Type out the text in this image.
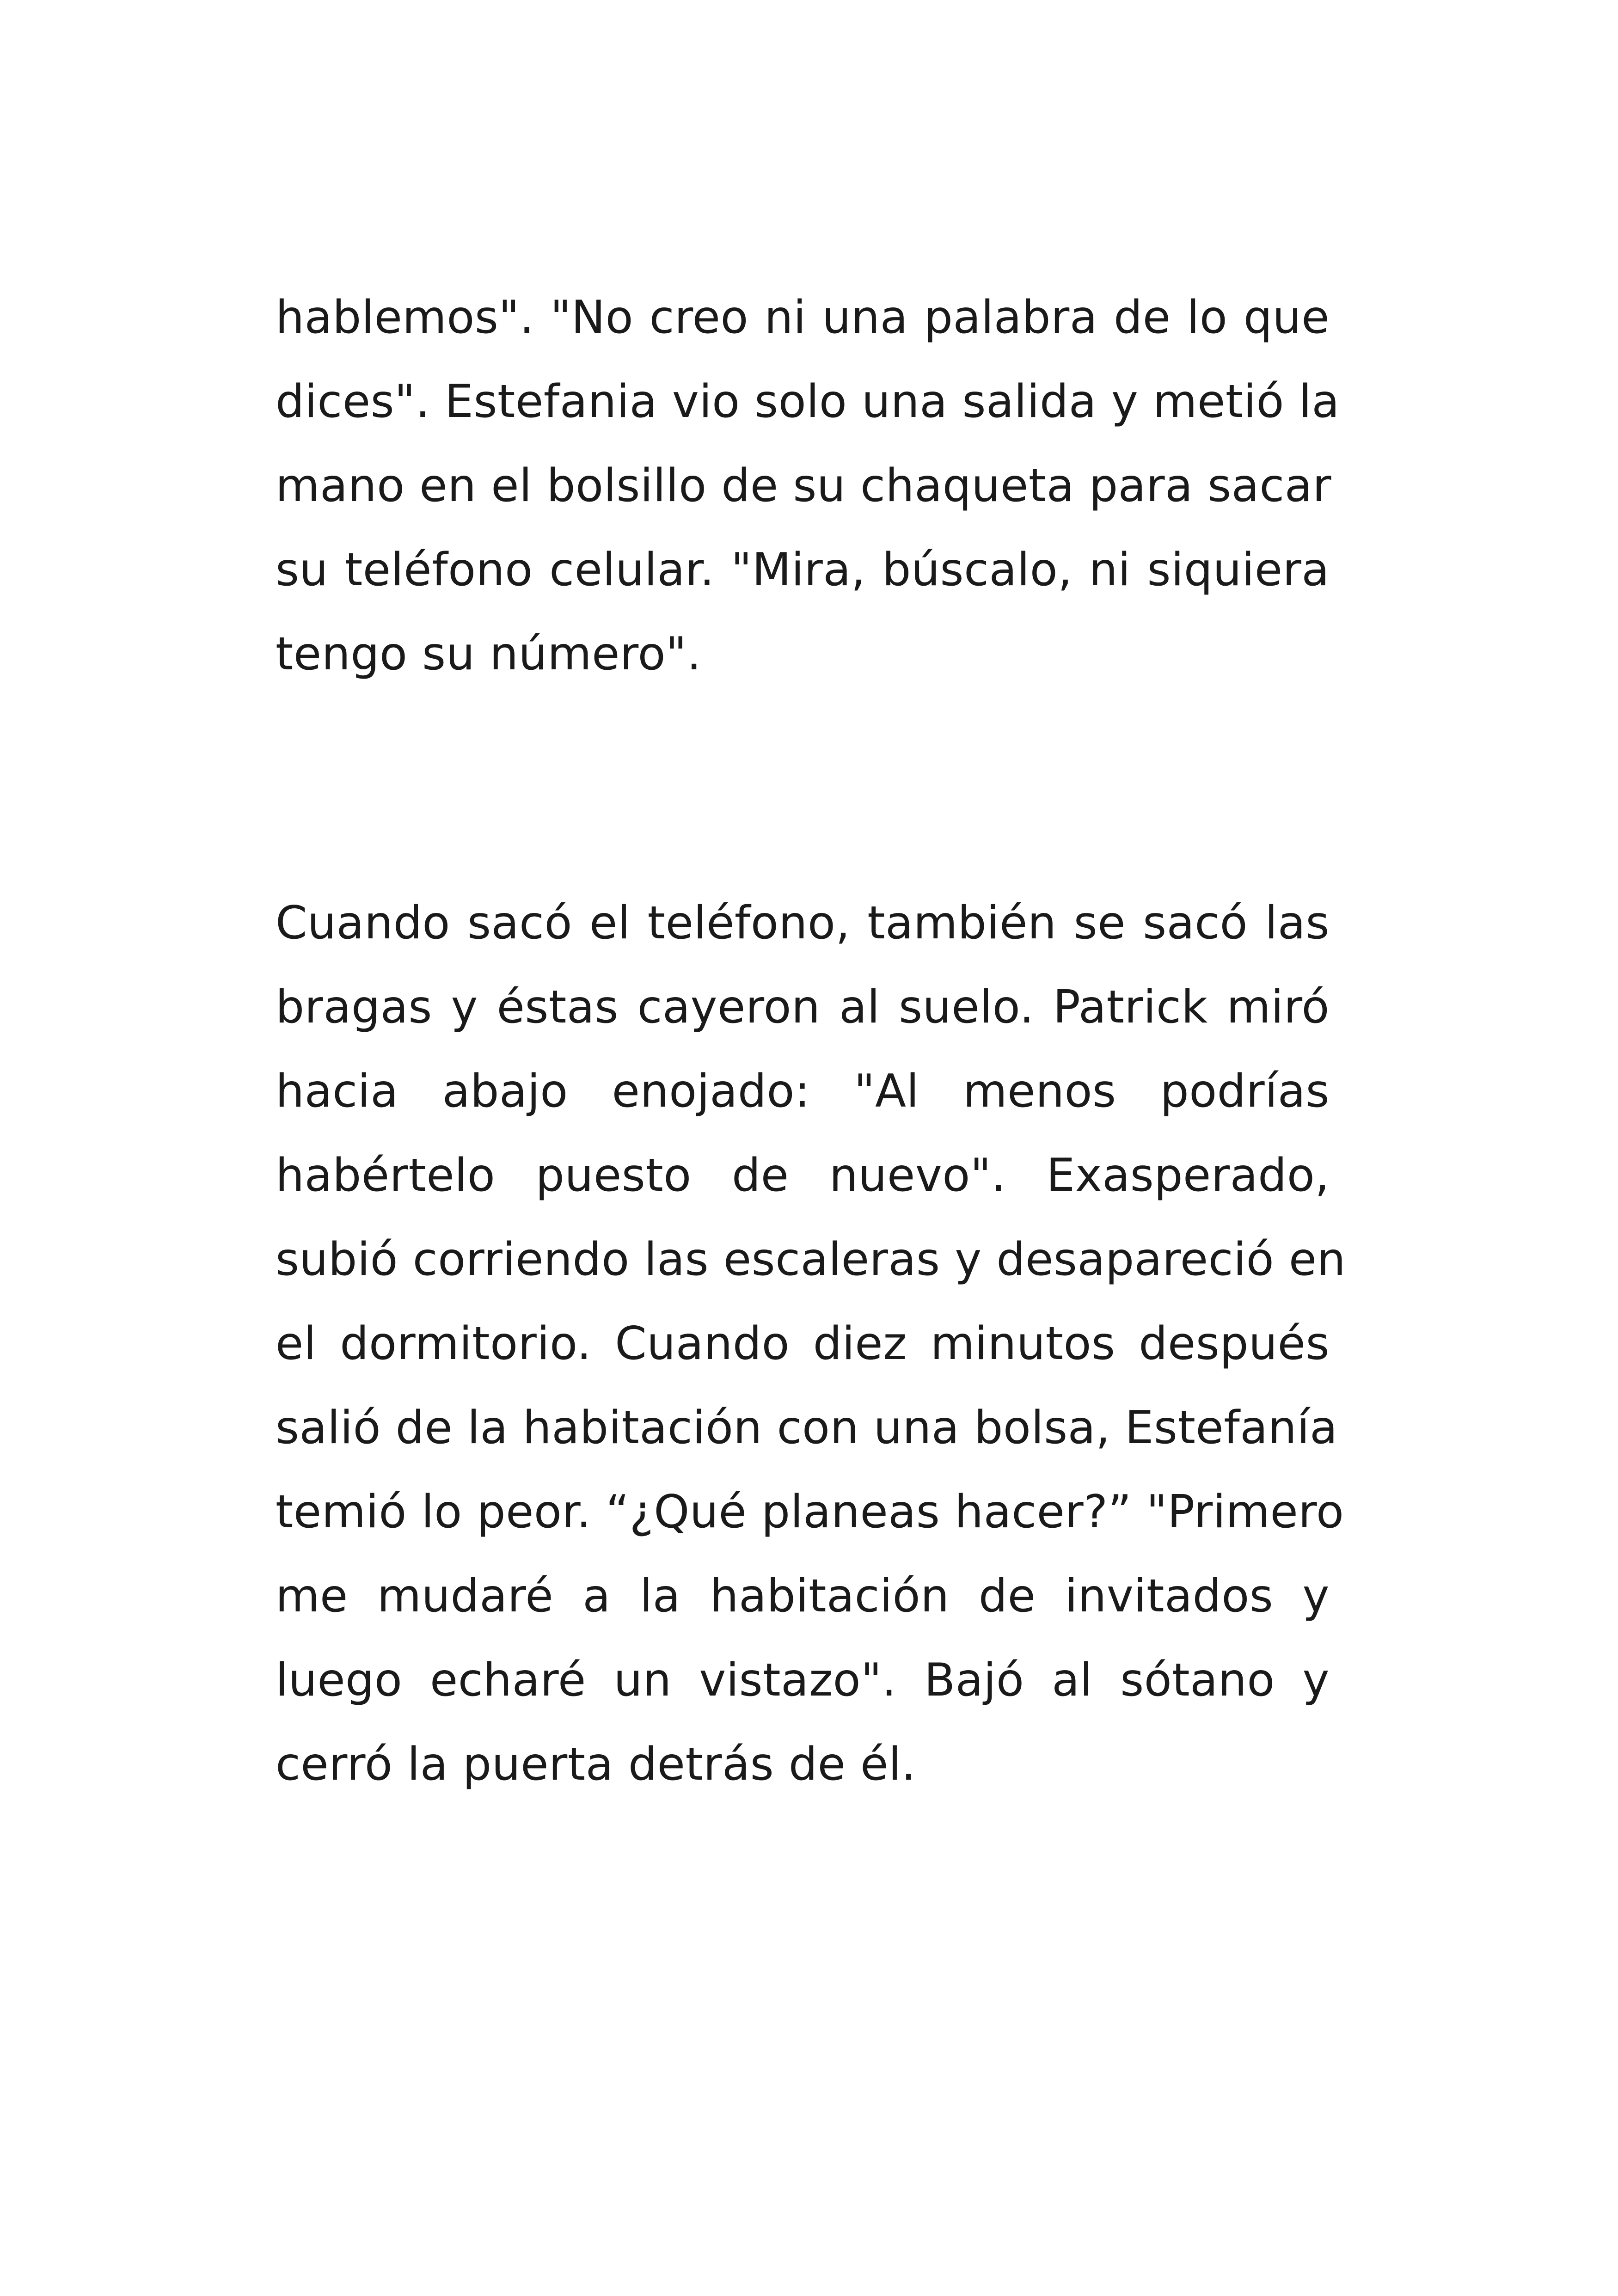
hablemos". "No creo ni una palabra de lo que
dices". Estefania vio solo una salida y metió la
mano en el bolsillo de su chaqueta para sacar
su teléfono celular. "Mira, búscalo, ni siquiera
tengo su número".
Cuando sacó el teléfono, también se sacó las
bragas y éstas cayeron al suelo. Patrick miró
hacia abajo enojado: "Al menos podrías
habértelo puesto de nuevo". Exasperado,
subió corriendo las escaleras y desapareció en
el dormitorio. Cuando diez minutos después
salió de la habitación con una bolsa, Estefanía
temió lo peor. “¿Qué planeas hacer?” "Primero
me mudaré a la habitación de invitados y
luego echaré un vistazo". Bajó al sótano y
cerró la puerta detrás de él.
